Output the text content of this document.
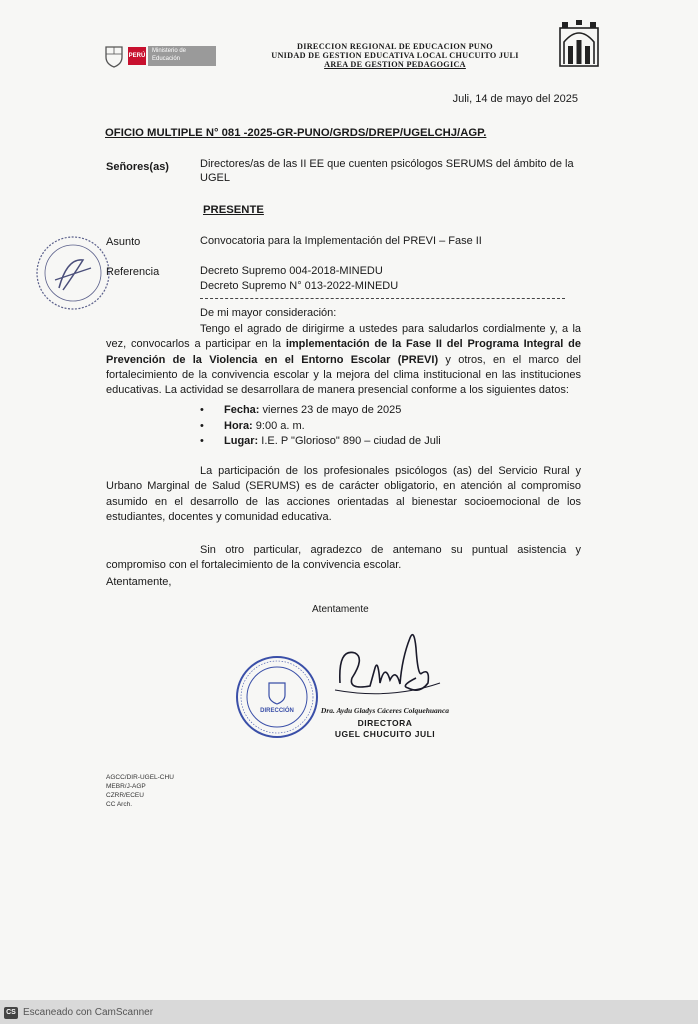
PERÚ
Ministerio de Educación
DIRECCION REGIONAL DE EDUCACION PUNO
UNIDAD DE GESTION EDUCATIVA LOCAL CHUCUITO JULI
AREA DE GESTION PEDAGOGICA
Juli, 14 de mayo del 2025
OFICIO MULTIPLE N° 081 -2025-GR-PUNO/GRDS/DREP/UGELCHJ/AGP.
Señores(as)	Directores/as de las II EE que cuenten psicólogos SERUMS del ámbito de la UGEL
PRESENTE
Asunto	Convocatoria para la Implementación del PREVI – Fase II
Referencia	Decreto Supremo 004-2018-MINEDU
Decreto Supremo N° 013-2022-MINEDU
De mi mayor consideración:
Tengo el agrado de dirigirme a ustedes para saludarlos cordialmente y, a la vez, convocarlos a participar en la implementación de la Fase II del Programa Integral de Prevención de la Violencia en el Entorno Escolar (PREVI) y otros, en el marco del fortalecimiento de la convivencia escolar y la mejora del clima institucional en las instituciones educativas. La actividad se desarrollara de manera presencial conforme a los siguientes datos:
• Fecha: viernes 23 de mayo de 2025
• Hora: 9:00 a. m.
• Lugar: I.E. P "Glorioso" 890 – ciudad de Juli
La participación de los profesionales psicólogos (as) del Servicio Rural y Urbano Marginal de Salud (SERUMS) es de carácter obligatorio, en atención al compromiso asumido en el desarrollo de las acciones orientadas al bienestar socioemocional de los estudiantes, docentes y comunidad educativa.
Sin otro particular, agradezco de antemano su puntual asistencia y compromiso con el fortalecimiento de la convivencia escolar.
Atentamente,
Atentamente
DIRECCIÓN	Dra. Aydu Gladys Cáceres Colquehuanca
DIRECTORA
UGEL CHUCUITO JULI
AGCC/DIR-UGEL-CHU
MEBR/J-AGP
CZRR/ECEU
CC Arch.
CS Escaneado con CamScanner
